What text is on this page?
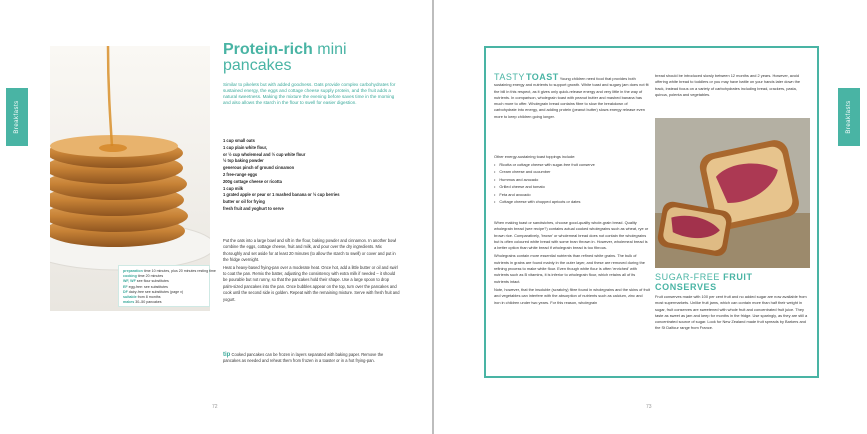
Breakfasts
preparation time 10 minutes, plus 20 minutes resting time
cooking time 20 minutes
WF, WF see flour substitutes
EF egg-free: see substitutes
DF dairy-free see substitutes (page x)
suitable from 8 months
makes 30–50 pancakes
Protein-rich mini pancakes
Similar to pikelets but with added goodness. Oats provide complex carbohydrates for sustained energy, the eggs and cottage cheese supply protein, and the fruit adds a natural sweetness. Making the mixture the evening before saves time in the morning and also allows the starch in the flour to swell for easier digestion.
1 cup small oats
1 cup plain white flour,
or ½ cup wholemeal and ½ cup white flour
½ tsp baking powder
generous pinch of ground cinnamon
2 free-range eggs
200g cottage cheese or ricotta
1 cup milk
1 grated apple or pear or 1 mashed banana or ½ cup berries
butter or oil for frying
fresh fruit and yoghurt to serve

Put the oats into a large bowl and sift in the flour, baking powder and cinnamon. In another bowl combine the eggs, cottage cheese, fruit and milk, and pour over the dry ingredients. Mix thoroughly and set aside for at least 20 minutes (to allow the starch to swell) or cover and put in the fridge overnight.

Heat a heavy-based frying-pan over a moderate heat. Once hot, add a little butter or oil and swirl to coat the pan. Remix the batter, adjusting the consistency with extra milk if needed – it should be pourable but not runny, so that the pancakes hold their shape. Use a large spoon to drop palm-sized pancakes into the pan. Once bubbles appear on the top, turn over the pancakes and cook until the second side is golden. Repeat with the remaining mixture. Serve with fresh fruit and yogurt.

tip Cooked pancakes can be frozen in layers separated with baking paper. Remove the pancakes as needed and reheat them from frozen in a toaster or in a hot frying-pan.
72
Breakfasts
TASTY TOAST Young children need food that provides both sustaining energy and nutrients to support growth. White toast and sugary jam does not fit the bill in this respect, as it gives only quick-release energy and very little in the way of nutrients. In comparison, wholegrain toast with peanut butter and mashed banana has much more to offer. Wholegrain bread contains fibre to slow the breakdown of carbohydrate into energy, and adding protein (peanut butter) slows energy release even more to keep children going longer.
Other energy-sustaining toast toppings include:
• Ricotta or cottage cheese with sugar-free fruit conserve
• Cream cheese and cucumber
• Hummus and avocado
• Grilled cheese and tomato
• Feta and avocado
• Cottage cheese with chopped apricots or dates

When making toast or sandwiches, choose good-quality whole-grain bread. Quality wholegrain bread (see recipe?) contains actual cooked wholegrains such as wheat, rye or brown rice. Comparatively, 'brown' or wholemeal bread does not contain the wholegrains but is often coloured white bread with some bran thrown in. However, wholemeal bread is a better option than white bread if wholegrain bread is too fibrous.

Wholegrains contain more essential nutrients than refined white grains. The bulk of nutrients in grains are found mainly in the outer layer, and these are removed during the refining process to make white flour. Even though white flour is often 'enriched' with nutrients such as B vitamins, it is inferior to wholegrain flour, which retains all of its nutrients intact.

Note, however, that the insoluble (scratchy) fibre found in wholegrains and the skins of fruit and vegetables can interfere with the absorption of nutrients such as calcium, zinc and iron in children under two years. For this reason, wholegrain

bread should be introduced slowly between 12 months and 2 years. However, avoid offering white bread to toddlers or you may have battle on your hands later down the track, instead focus on a variety of carbohydrates including bread, crackers, pasta, quinoa, polenta and vegetables.
SUGAR-FREE FRUIT
CONSERVES
Fruit conserves made with 100 per cent fruit and no added sugar are now available from most supermarkets. Unlike fruit jams, which can contain more than half their weight in sugar, fruit conserves are sweetened with whole fruit and concentrated fruit juice. They taste as sweet as jam and keep for months in the fridge. Use sparingly, as they are still a concentrated source of sugar. Look for New Zealand made fruit spreads by Barkers and the St Dalfour range from France.
73
